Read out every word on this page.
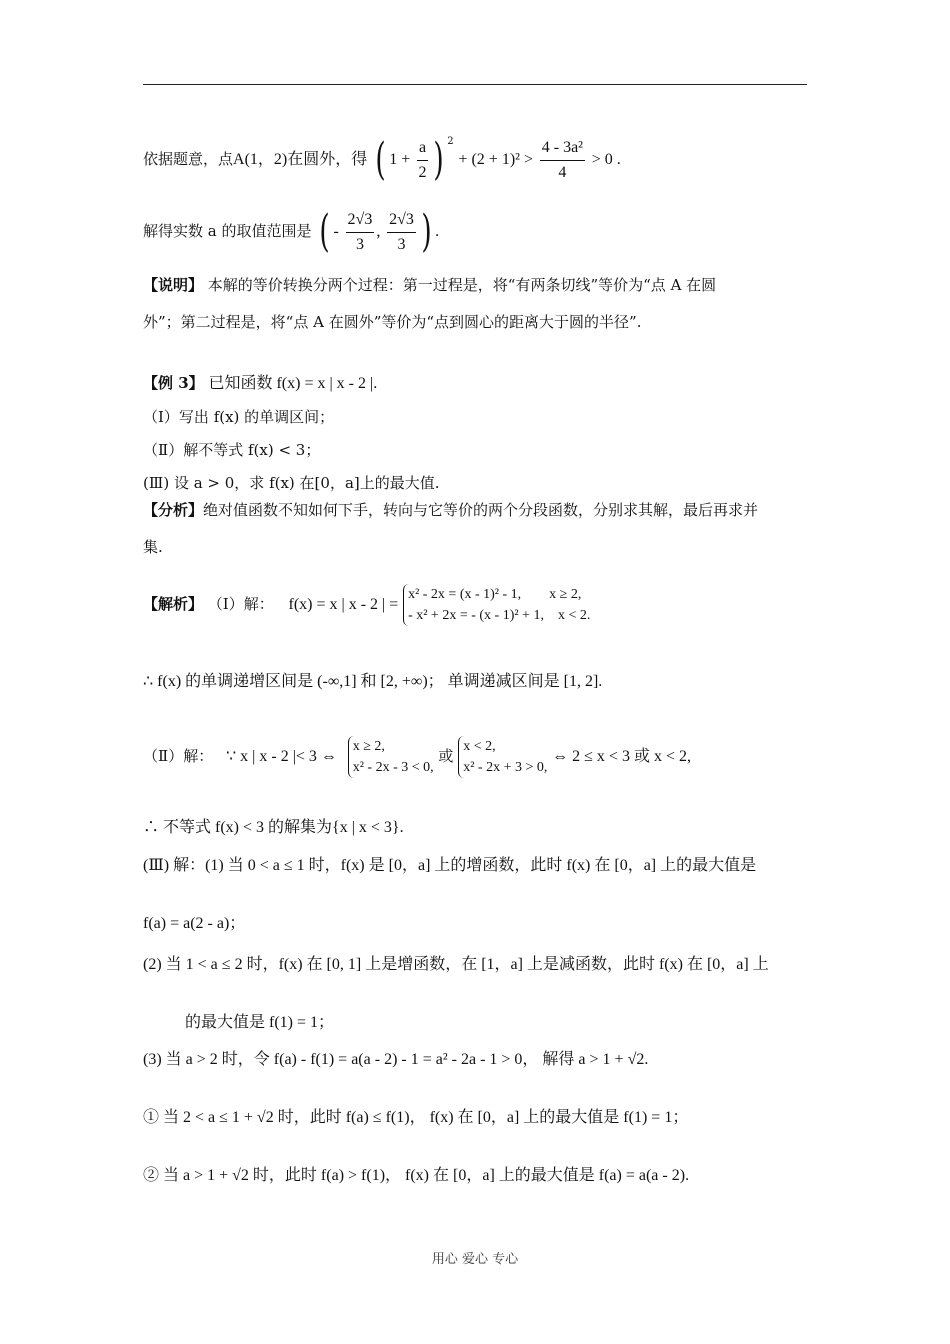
依据题意，点A(1，2)在圆外，得 ( $1 + \frac{a}{2}$ ) $^2 + (2 + 1)^2 > \frac{\text{4 - 3a²}}{4} > 0$ .
解得实数 a 的取值范围是 ( - $\frac{2√3}{3}$ , $\frac{2√3}{3}$ ) .
【说明】 本解的等价转换分两个过程：第一过程是，将“有两条切线”等价为“点 A 在圆
外”；第二过程是，将“点 A 在圆外”等价为“点到圆心的距离大于圆的半径”.
【例 3】 已知函数 f(x) = x | x - 2 |.
（Ⅰ）写出 f(x) 的单调区间；
（Ⅱ）解不等式 f(x) < 3；
(Ⅲ) 设 a > 0，求 f(x) 在[0，a]上的最大值.
【分析】绝对值函数不知如何下手，转向与它等价的两个分段函数，分别求其解，最后再求并
集.
【解析】 （Ⅰ）解： f(x) = x | x - 2 | =
x² - 2x = (x - 1)² - 1,        x ≥ 2,
- x² + 2x = - (x - 1)² + 1,    x < 2.
∴ f(x) 的单调递增区间是 (-∞,1] 和 [2, +∞)； 单调递减区间是 [1, 2].
（Ⅱ）解： ∵ x | x - 2 |< 3 ⇔
x ≥ 2,
x² - 2x - 3 < 0,
或
x < 2,
x² - 2x + 3 > 0,
⇔ 2 ≤ x < 3 或 x < 2,
∴ 不等式 f(x) < 3 的解集为{x | x < 3}.
(Ⅲ) 解：(1) 当 0 < a ≤ 1 时，f(x) 是 [0，a] 上的增函数，此时 f(x) 在 [0，a] 上的最大值是
f(a) = a(2 - a)；
(2) 当 1 < a ≤ 2 时，f(x) 在 [0, 1] 上是增函数，在 [1，a] 上是减函数，此时 f(x) 在 [0，a] 上
的最大值是 f(1) = 1；
(3) 当 a > 2 时，令 f(a) - f(1) = a(a - 2) - 1 = a² - 2a - 1 > 0， 解得 a > 1 + √2.
① 当 2 < a ≤ 1 + √2 时，此时 f(a) ≤ f(1)， f(x) 在 [0，a] 上的最大值是 f(1) = 1；
② 当 a > 1 + √2 时，此时 f(a) > f(1)， f(x) 在 [0，a] 上的最大值是 f(a) = a(a - 2).
用心 爱心 专心
